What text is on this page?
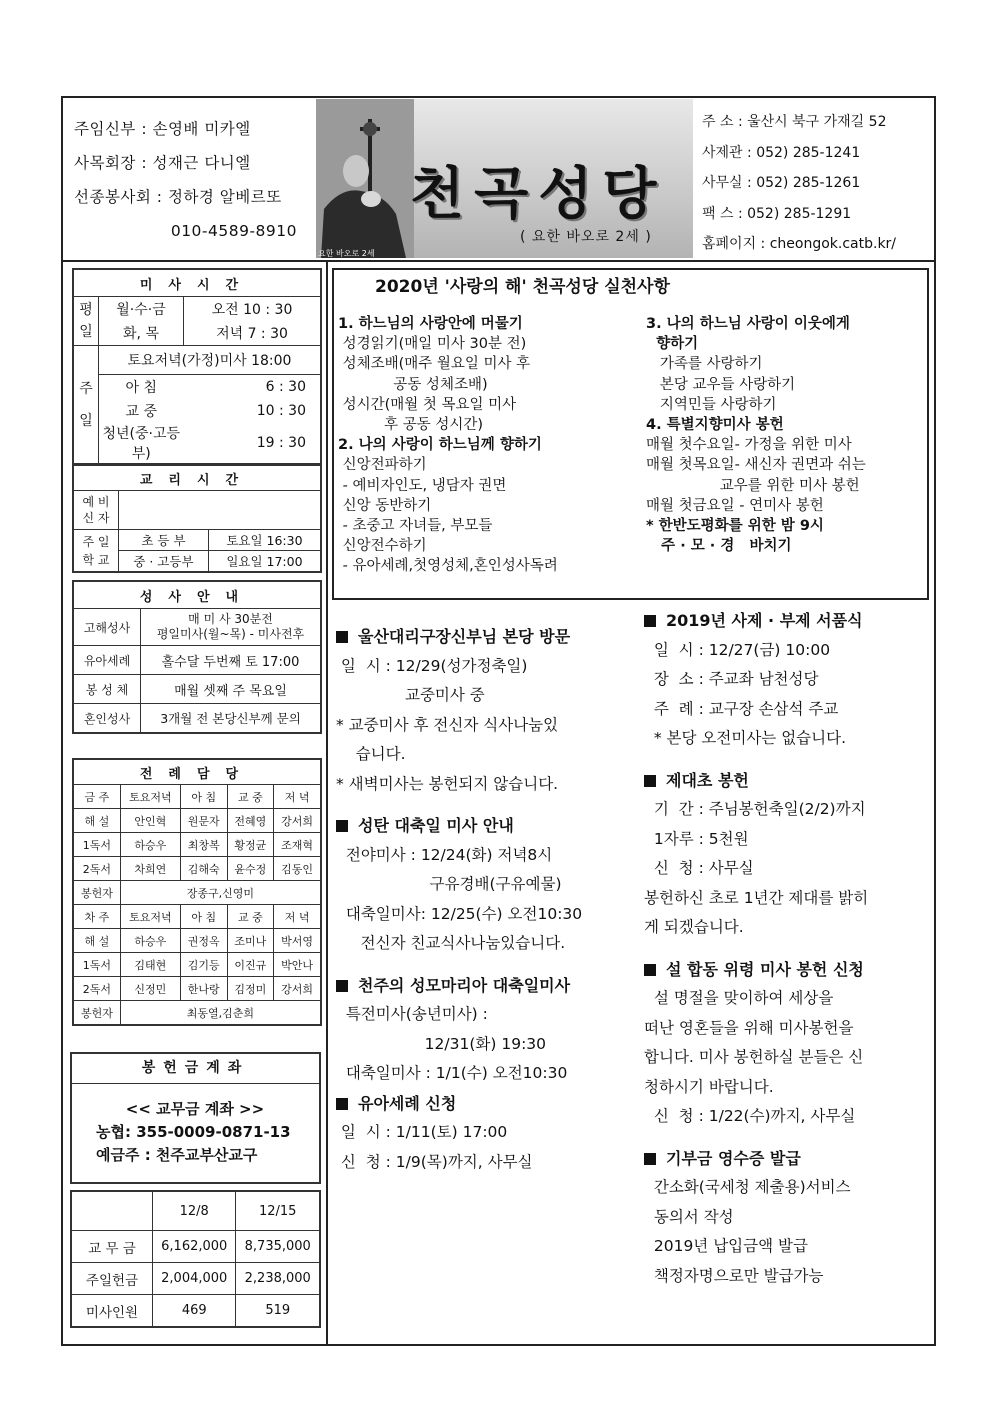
주임신부 : 손영배 미카엘
사목회장 : 성재근 다니엘
선종봉사회 : 정하경 알베르또
010-4589-8910
천곡성당
( 요한 바오로 2세 )
요한 바오로 2세
주 소 : 울산시 북구 가재길 52
사제관 : 052) 285-1241
사무실 : 052) 285-1261
팩 스 : 052) 285-1291
홈페이지 : cheongok.catb.kr/
미사시간		
평
일	월·수·금	오전 10 : 30
	화, 목	저녁 7 : 30
주
일	토요저녁(가정)미사 18:00	
	아 침	6 : 30
	교 중	10 : 30
	청년(중·고등부)	19 : 30
교리시간		
예 비
신 자		
주 일
학 교	초 등 부	토요일 16:30
	중 · 고등부	일요일 17:00
성사안내	
고해성사	매 미 사 30분전
평일미사(월~목) - 미사전후
유아세례	홀수달 두번째 토 17:00
봉 성 체	매월 셋째 주 목요일
혼인성사	3개월 전 본당신부께 문의
전례담당				
금 주	토요저녁	아 침	교 중	저 녁
해 설	안인혁	원문자	전혜영	강서희
1독서	하승우	최창복	황정균	조재혁
2독서	차희연	김해숙	윤수정	김동인
봉헌자	장종구,신영미			
차 주	토요저녁	아 침	교 중	저 녁
해 설	하승우	권정옥	조미나	박서영
1독서	김태현	김기등	이진규	박안나
2독서	신정민	한나랑	김정미	강서희
봉헌자	최동열,김춘희			
봉헌금계좌
<< 교무금 계좌 >>
농협: 355-0009-0871-13
예금주 : 천주교부산교구
	12/8	12/15
교 무 금	6,162,000	8,735,000
주일헌금	2,004,000	2,238,000
미사인원	469	519
2020년 '사랑의 해' 천곡성당 실천사항
1. 하느님의 사랑안에 머물기
성경읽기(매일 미사 30분 전)
성체조배(매주 월요일 미사 후
공동 성체조배)
성시간(매월 첫 목요일 미사
후 공동 성시간)
2. 나의 사랑이 하느님께 향하기
신앙전파하기
- 예비자인도, 냉담자 권면
신앙 동반하기
- 초중고 자녀들, 부모들
신앙전수하기
- 유아세례,첫영성체,혼인성사독려
3. 나의 하느님 사랑이 이웃에게
향하기
가족를 사랑하기
본당 교우들 사랑하기
지역민들 사랑하기
4. 특별지향미사 봉헌
매월 첫수요일- 가정을 위한 미사
매월 첫목요일- 새신자 권면과 쉬는
교우를 위한 미사 봉헌
매월 첫금요일 - 연미사 봉헌
* 한반도평화를 위한 밤 9시
주 · 모 · 경   바치기
울산대리구장신부님 본당 방문
일  시 : 12/29(성가정축일)
교중미사 중
* 교중미사 후 전신자 식사나눔있
습니다.
* 새벽미사는 봉헌되지 않습니다.
성탄 대축일 미사 안내
전야미사 : 12/24(화) 저녁8시
구유경배(구유예물)
대축일미사: 12/25(수) 오전10:30
전신자 친교식사나눔있습니다.
천주의 성모마리아 대축일미사
특전미사(송년미사) :
12/31(화) 19:30
대축일미사 : 1/1(수) 오전10:30
유아세례 신청
일  시 : 1/11(토) 17:00
신  청 : 1/9(목)까지, 사무실
2019년 사제 · 부제 서품식
일  시 : 12/27(금) 10:00
장  소 : 주교좌 남천성당
주  례 : 교구장 손삼석 주교
* 본당 오전미사는 없습니다.
제대초 봉헌
기  간 : 주님봉헌축일(2/2)까지
1자루 : 5천원
신  청 : 사무실
봉헌하신 초로 1년간 제대를 밝히
게 되겠습니다.
설 합동 위령 미사 봉헌 신청
설 명절을 맞이하여 세상을
떠난 영혼들을 위해 미사봉헌을
합니다. 미사 봉헌하실 분들은 신
청하시기 바랍니다.
신  청 : 1/22(수)까지, 사무실
기부금 영수증 발급
간소화(국세청 제출용)서비스
동의서 작성
2019년 납입금액 발급
책정자명으로만 발급가능
